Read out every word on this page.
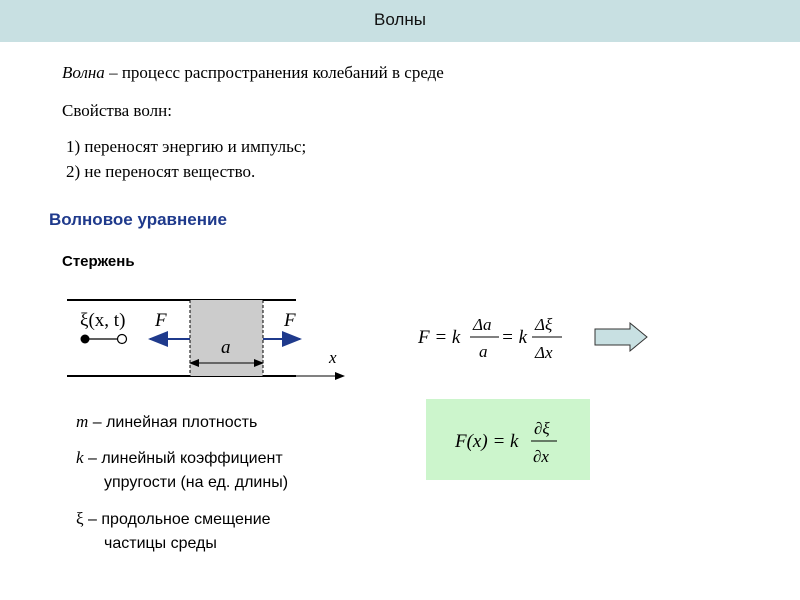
Волны
Волна – процесс распространения колебаний в среде
Свойства волн:
1) переносят энергию и импульс;
2) не переносят вещество.
Волновое уравнение
Стержень
ξ(x, t) F	F
a	x
F = k
Δa
a
= k
Δξ
Δx
F(x) = k
∂ξ
∂x
m – линейная плотность
k – линейный коэффициент
упругости (на ед. длины)
ξ – продольное смещение
частицы среды
